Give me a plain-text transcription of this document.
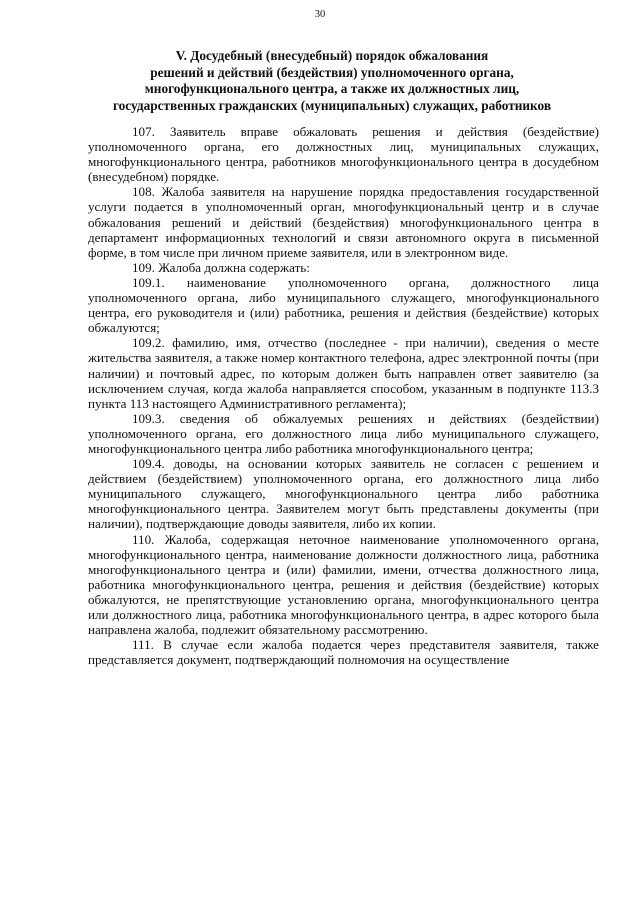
30
V. Досудебный (внесудебный) порядок обжалования
решений и действий (бездействия) уполномоченного органа,
многофункционального центра, а также их должностных лиц,
государственных гражданских (муниципальных) служащих, работников

107. Заявитель вправе обжаловать решения и действия (бездействие) уполномоченного органа, его должностных лиц, муниципальных служащих, многофункционального центра, работников многофункционального центра в досудебном (внесудебном) порядке.

108. Жалоба заявителя на нарушение порядка предоставления государственной услуги подается в уполномоченный орган, многофункциональный центр и в случае обжалования решений и действий (бездействия) многофункционального центра в департамент информационных технологий и связи автономного округа в письменной форме, в том числе при личном приеме заявителя, или в электронном виде.

109. Жалоба должна содержать:

109.1. наименование уполномоченного органа, должностного лица уполномоченного органа, либо муниципального служащего, многофункционального центра, его руководителя и (или) работника, решения и действия (бездействие) которых обжалуются;

109.2. фамилию, имя, отчество (последнее - при наличии), сведения о месте жительства заявителя, а также номер контактного телефона, адрес электронной почты (при наличии) и почтовый адрес, по которым должен быть направлен ответ заявителю (за исключением случая, когда жалоба направляется способом, указанным в подпункте 113.3 пункта 113 настоящего Административного регламента);

109.3. сведения об обжалуемых решениях и действиях (бездействии) уполномоченного органа, его должностного лица либо муниципального служащего, многофункционального центра либо работника многофункционального центра;

109.4. доводы, на основании которых заявитель не согласен с решением и действием (бездействием) уполномоченного органа, его должностного лица либо муниципального служащего, многофункционального центра либо работника многофункционального центра. Заявителем могут быть представлены документы (при наличии), подтверждающие доводы заявителя, либо их копии.

110. Жалоба, содержащая неточное наименование уполномоченного органа, многофункционального центра, наименование должности должностного лица, работника многофункционального центра и (или) фамилии, имени, отчества должностного лица, работника многофункционального центра, решения и действия (бездействие) которых обжалуются, не препятствующие установлению органа, многофункционального центра или должностного лица, работника многофункционального центра, в адрес которого была направлена жалоба, подлежит обязательному рассмотрению.

111. В случае если жалоба подается через представителя заявителя, также представляется документ, подтверждающий полномочия на осуществление
